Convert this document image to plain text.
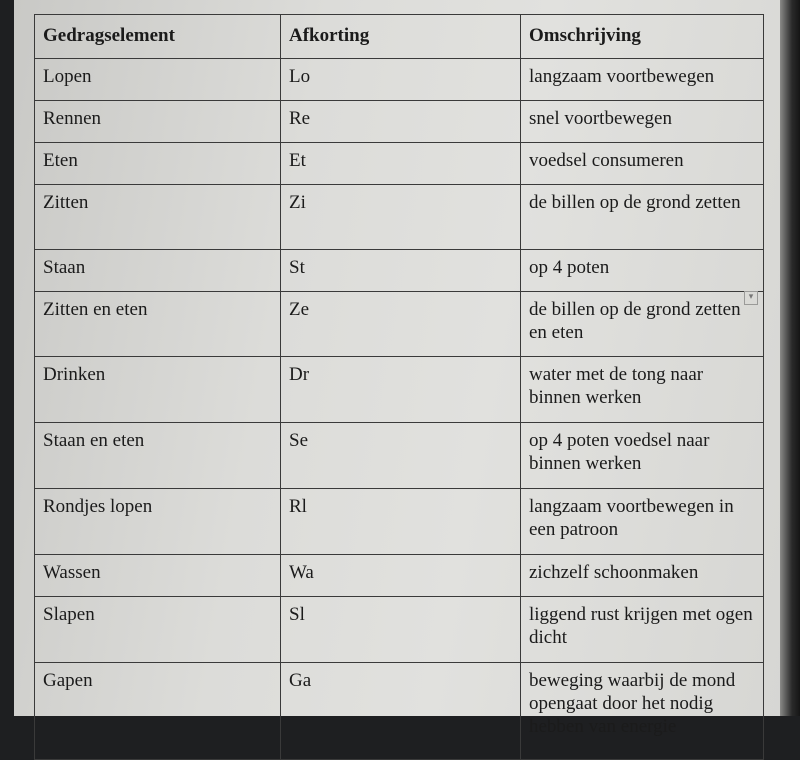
Gedragselement	Afkorting	Omschrijving
Lopen	Lo	langzaam voortbewegen
Rennen	Re	snel voortbewegen
Eten	Et	voedsel consumeren
Zitten	Zi	de billen op de grond zetten
Staan	St	op 4 poten
Zitten en eten	Ze	de billen op de grond zetten en eten
Drinken	Dr	water met de tong naar binnen werken
Staan en eten	Se	op 4 poten voedsel naar binnen werken
Rondjes lopen	Rl	langzaam voortbewegen in een patroon
Wassen	Wa	zichzelf schoonmaken
Slapen	Sl	liggend rust krijgen met ogen dicht
Gapen	Ga	beweging waarbij de mond opengaat door het nodig hebben van energie
▾
